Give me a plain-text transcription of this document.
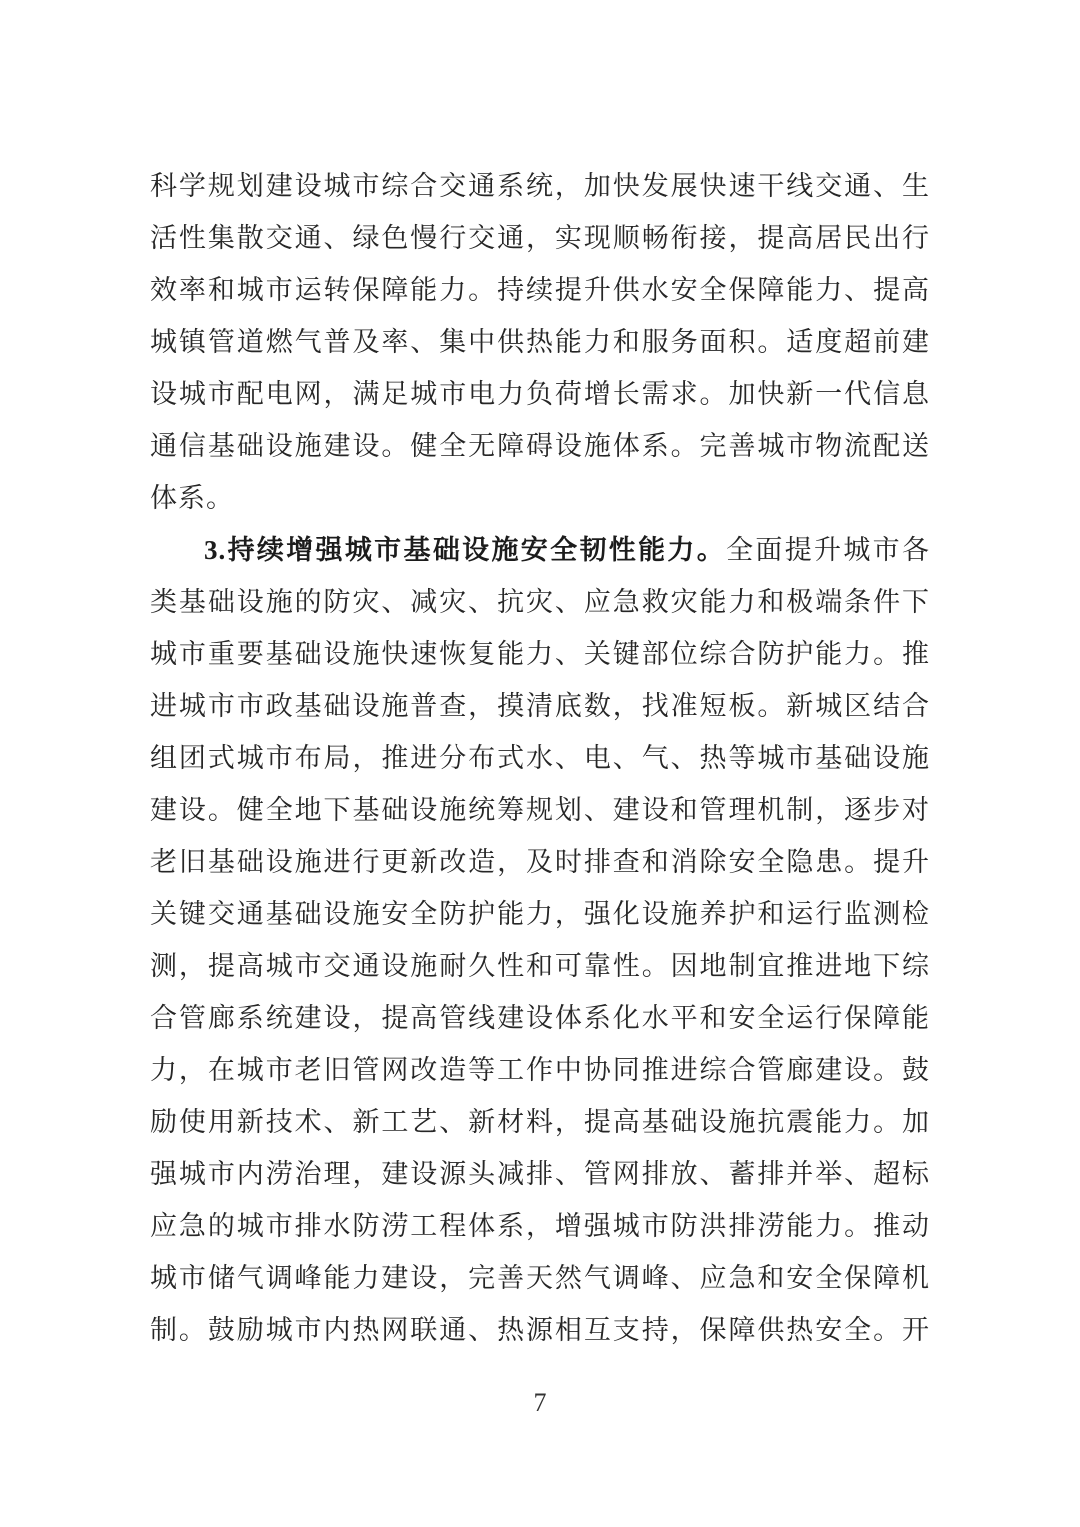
科学规划建设城市综合交通系统，加快发展快速干线交通、生
活性集散交通、绿色慢行交通，实现顺畅衔接，提高居民出行
效率和城市运转保障能力。持续提升供水安全保障能力、提高
城镇管道燃气普及率、集中供热能力和服务面积。适度超前建
设城市配电网，满足城市电力负荷增长需求。加快新一代信息
通信基础设施建设。健全无障碍设施体系。完善城市物流配送
体系。
3.持续增强城市基础设施安全韧性能力。全面提升城市各
类基础设施的防灾、减灾、抗灾、应急救灾能力和极端条件下
城市重要基础设施快速恢复能力、关键部位综合防护能力。推
进城市市政基础设施普查，摸清底数，找准短板。新城区结合
组团式城市布局，推进分布式水、电、气、热等城市基础设施
建设。健全地下基础设施统筹规划、建设和管理机制，逐步对
老旧基础设施进行更新改造，及时排查和消除安全隐患。提升
关键交通基础设施安全防护能力，强化设施养护和运行监测检
测，提高城市交通设施耐久性和可靠性。因地制宜推进地下综
合管廊系统建设，提高管线建设体系化水平和安全运行保障能
力，在城市老旧管网改造等工作中协同推进综合管廊建设。鼓
励使用新技术、新工艺、新材料，提高基础设施抗震能力。加
强城市内涝治理，建设源头减排、管网排放、蓄排并举、超标
应急的城市排水防涝工程体系，增强城市防洪排涝能力。推动
城市储气调峰能力建设，完善天然气调峰、应急和安全保障机
制。鼓励城市内热网联通、热源相互支持，保障供热安全。开
7
